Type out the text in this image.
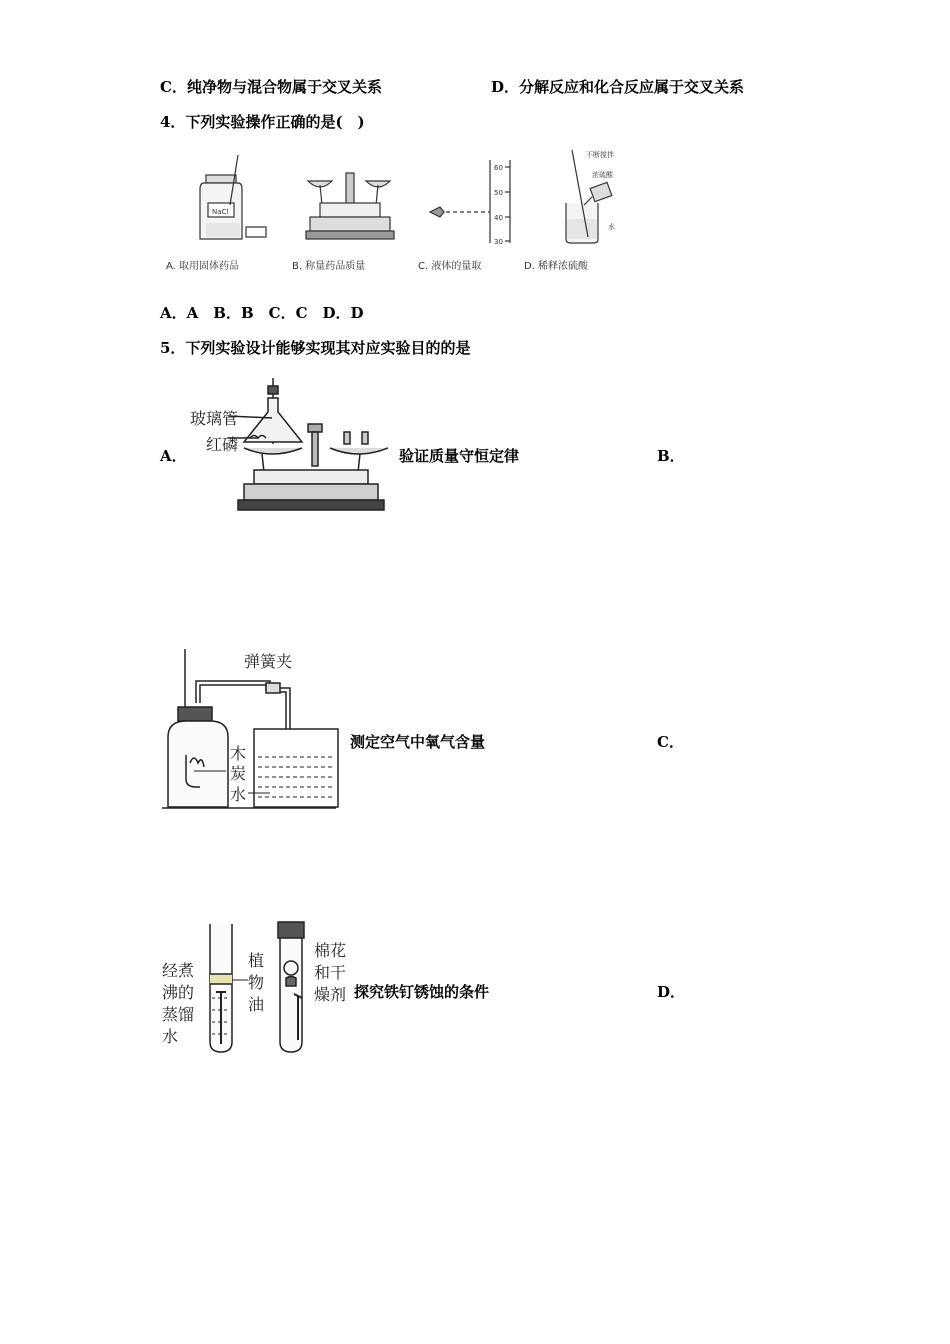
C．纯净物与混合物属于交叉关系	D．分解反应和化合反应属于交叉关系
4．下列实验操作正确的是(　)
NaCl
60
50
40
30
不断搅拌
浓硫酸
水
A. 取用固体药品	B. 称量药品质量	C. 液体的量取	D. 稀释浓硫酸
A．A　B．B　C．C　D．D
5．下列实验设计能够实现其对应实验目的的是
A．
玻璃管
红磷
验证质量守恒定律	B．
弹簧夹
木
炭
水
测定空气中氧气含量	C．
经煮
沸的
蒸馏
水
植
物
油
棉花
和干
燥剂 探究铁钉锈蚀的条件	D．
